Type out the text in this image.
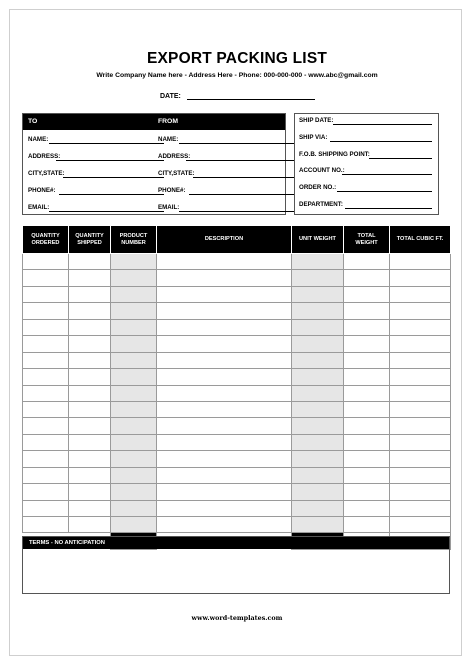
EXPORT PACKING LIST
Write Company Name here - Address Here - Phone: 000-000-000 - www.abc@gmail.com
DATE:
TO	FROM
NAME:	NAME:
ADDRESS:	ADDRESS:
CITY,STATE:	CITY,STATE:
PHONE#:	PHONE#:
EMAIL:	EMAIL:
SHIP DATE:
SHIP VIA:
F.O.B. SHIPPING POINT:
ACCOUNT NO.:
ORDER NO.:
DEPARTMENT:
QUANTITY ORDERED	QUANTITY SHIPPED	PRODUCT NUMBER	DESCRIPTION	UNIT WEIGHT	TOTAL WEIGHT	TOTAL CUBIC FT.

TERMS - NO ANTICIPATION
www.word-templates.com
